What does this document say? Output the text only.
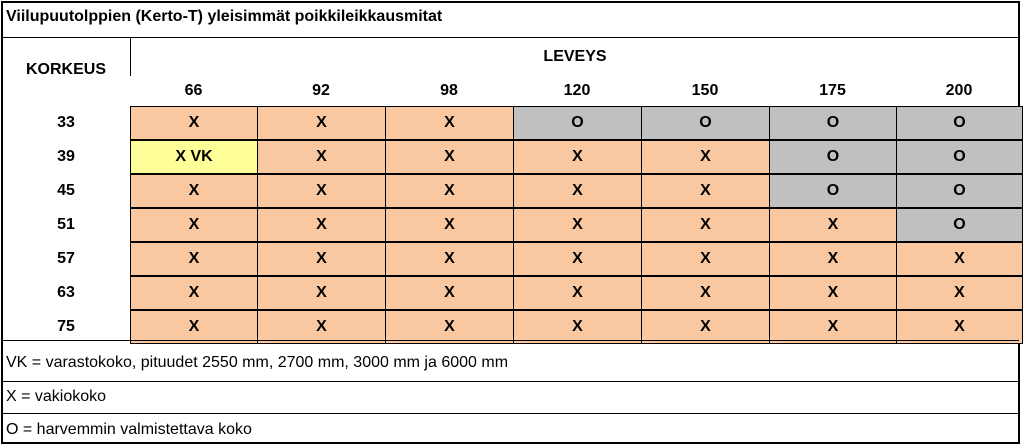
Viilupuutolppien (Kerto-T) yleisimmät poikkileikkausmitat
KORKEUS
LEVEYS
66	92	98	120	150	175	200
33	X	X	X	O	O	O	O
39	X VK	X	X	X	X	O	O
45	X	X	X	X	X	O	O
51	X	X	X	X	X	X	O
57	X	X	X	X	X	X	X
63	X	X	X	X	X	X	X
75	X	X	X	X	X	X	X
VK = varastokoko, pituudet 2550 mm, 2700 mm, 3000 mm ja 6000 mm
X = vakiokoko
O = harvemmin valmistettava koko
